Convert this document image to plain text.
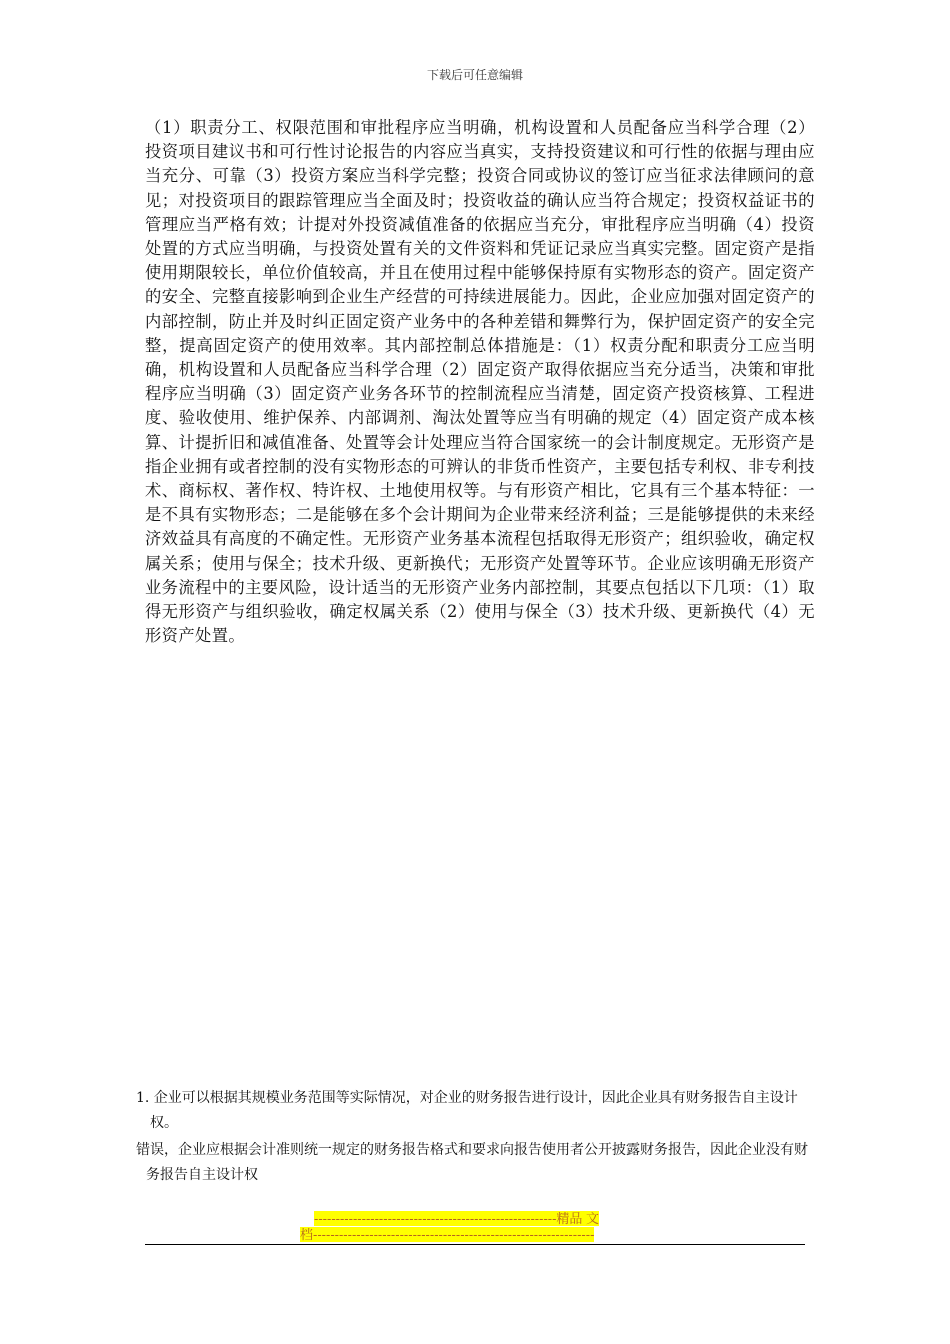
下载后可任意编辑

（1）职责分工、权限范围和审批程序应当明确，机构设置和人员配备应当科学合理（2）投资项目建议书和可行性讨论报告的内容应当真实，支持投资建议和可行性的依据与理由应当充分、可靠（3）投资方案应当科学完整；投资合同或协议的签订应当征求法律顾问的意见；对投资项目的跟踪管理应当全面及时；投资收益的确认应当符合规定；投资权益证书的管理应当严格有效；计提对外投资减值准备的依据应当充分，审批程序应当明确（4）投资处置的方式应当明确，与投资处置有关的文件资料和凭证记录应当真实完整。固定资产是指使用期限较长，单位价值较高，并且在使用过程中能够保持原有实物形态的资产。固定资产的安全、完整直接影响到企业生产经营的可持续进展能力。因此，企业应加强对固定资产的内部控制，防止并及时纠正固定资产业务中的各种差错和舞弊行为，保护固定资产的安全完整，提高固定资产的使用效率。其内部控制总体措施是：（1）权责分配和职责分工应当明确，机构设置和人员配备应当科学合理（2）固定资产取得依据应当充分适当，决策和审批程序应当明确（3）固定资产业务各环节的控制流程应当清楚，固定资产投资核算、工程进度、验收使用、维护保养、内部调剂、淘汰处置等应当有明确的规定（4）固定资产成本核算、计提折旧和减值准备、处置等会计处理应当符合国家统一的会计制度规定。无形资产是指企业拥有或者控制的没有实物形态的可辨认的非货币性资产，主要包括专利权、非专利技术、商标权、著作权、特许权、土地使用权等。与有形资产相比，它具有三个基本特征：一是不具有实物形态；二是能够在多个会计期间为企业带来经济利益；三是能够提供的未来经济效益具有高度的不确定性。无形资产业务基本流程包括取得无形资产；组织验收，确定权属关系；使用与保全；技术升级、更新换代；无形资产处置等环节。企业应该明确无形资产业务流程中的主要风险，设计适当的无形资产业务内部控制，其要点包括以下几项：（1）取得无形资产与组织验收，确定权属关系（2）使用与保全（3）技术升级、更新换代（4）无形资产处置。

1. 企业可以根据其规模业务范围等实际情况，对企业的财务报告进行设计，因此企业具有财务报告自主设计权。

错误，企业应根据会计准则统一规定的财务报告格式和要求向报告使用者公开披露财务报告，因此企业没有财务报告自主设计权

--------------------------------------------------------精品 文
档-----------------------------------------------------------------
